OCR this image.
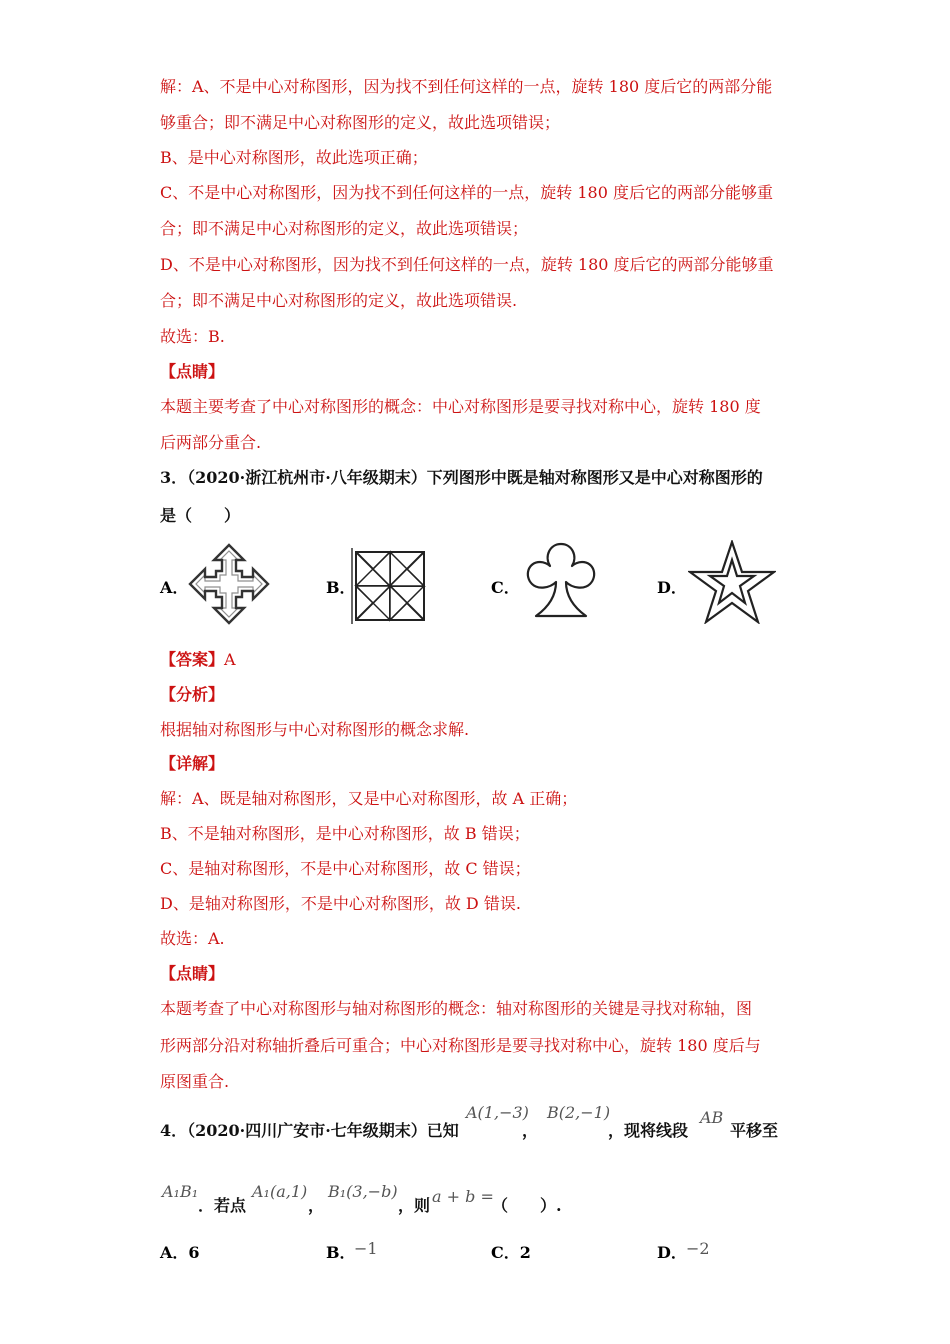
解：A、不是中心对称图形，因为找不到任何这样的一点，旋转 180 度后它的两部分能
够重合；即不满足中心对称图形的定义，故此选项错误；
B、是中心对称图形，故此选项正确；
C、不是中心对称图形，因为找不到任何这样的一点，旋转 180 度后它的两部分能够重
合；即不满足中心对称图形的定义，故此选项错误；
D、不是中心对称图形，因为找不到任何这样的一点，旋转 180 度后它的两部分能够重
合；即不满足中心对称图形的定义，故此选项错误.
故选：B.
【点睛】
本题主要考查了中心对称图形的概念：中心对称图形是要寻找对称中心，旋转 180 度
后两部分重合.
3．（2020·浙江杭州市·八年级期末）下列图形中既是轴对称图形又是中心对称图形的
是（　　）
A．	B．	C．	D．
【答案】A
【分析】
根据轴对称图形与中心对称图形的概念求解.
【详解】
解：A、既是轴对称图形，又是中心对称图形，故 A 正确；
B、不是轴对称图形，是中心对称图形，故 B 错误；
C、是轴对称图形，不是中心对称图形，故 C 错误；
D、是轴对称图形，不是中心对称图形，故 D 错误.
故选：A.
【点睛】
本题考查了中心对称图形与轴对称图形的概念：轴对称图形的关键是寻找对称轴，图
形两部分沿对称轴折叠后可重合；中心对称图形是要寻找对称中心，旋转 180 度后与
原图重合.
4．（2020·四川广安市·七年级期末）已知
A(1,−3)
，
B(2,−1)
，现将线段
AB
平移至
A₁B₁
．若点
A₁(a,1)
，
B₁(3,−b)
，则 a + b =
（　　）.
A．6	B．
−1	C．2	D． −2
